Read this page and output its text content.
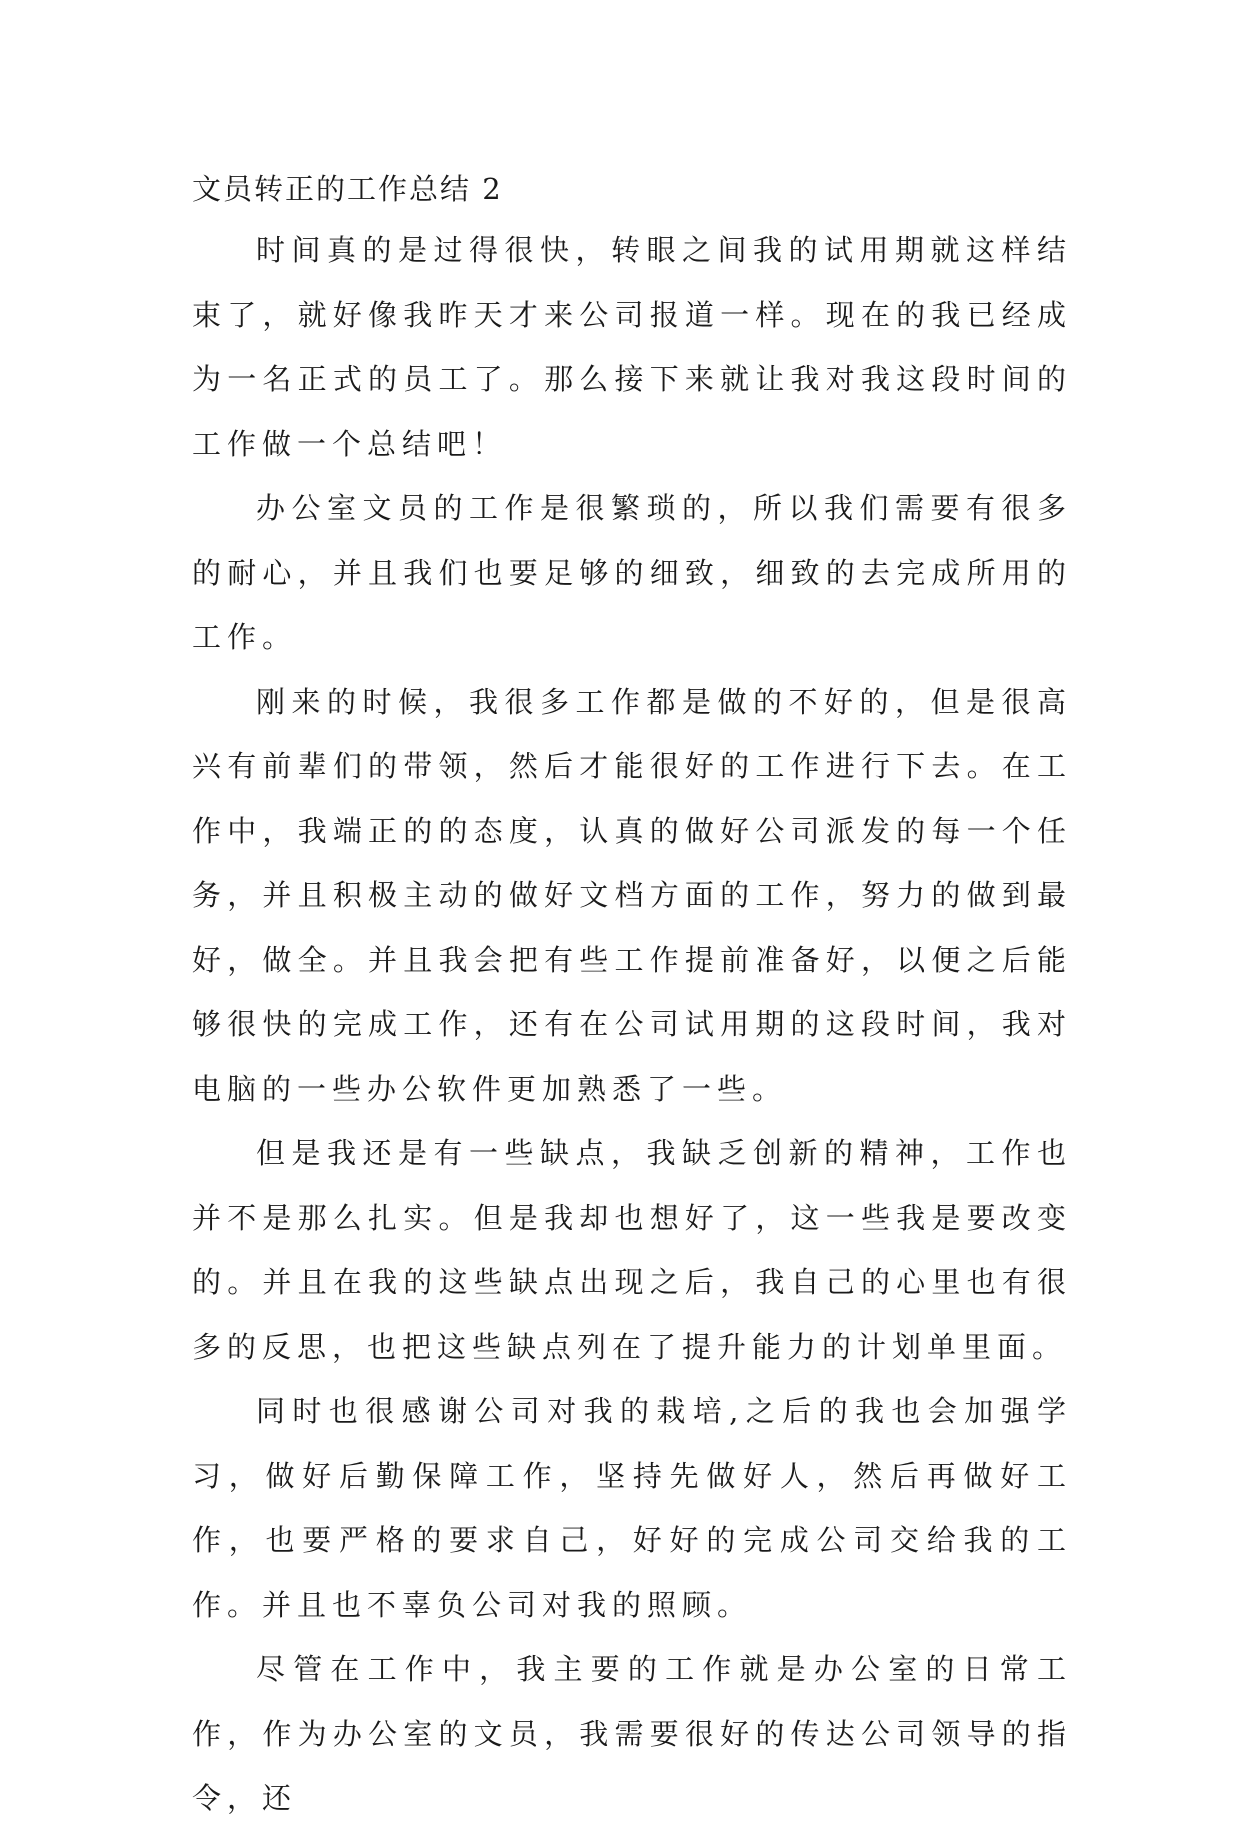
文员转正的工作总结 2

时间真的是过得很快，转眼之间我的试用期就这样结束了，就好像我昨天才来公司报道一样。现在的我已经成为一名正式的员工了。那么接下来就让我对我这段时间的工作做一个总结吧！

办公室文员的工作是很繁琐的，所以我们需要有很多的耐心，并且我们也要足够的细致，细致的去完成所用的工作。

刚来的时候，我很多工作都是做的不好的，但是很高兴有前辈们的带领，然后才能很好的工作进行下去。在工作中，我端正的的态度，认真的做好公司派发的每一个任务，并且积极主动的做好文档方面的工作，努力的做到最好，做全。并且我会把有些工作提前准备好，以便之后能够很快的完成工作，还有在公司试用期的这段时间，我对电脑的一些办公软件更加熟悉了一些。

但是我还是有一些缺点，我缺乏创新的精神，工作也并不是那么扎实。但是我却也想好了，这一些我是要改变的。并且在我的这些缺点出现之后，我自己的心里也有很多的反思，也把这些缺点列在了提升能力的计划单里面。

同时也很感谢公司对我的栽培,之后的我也会加强学习，做好后勤保障工作，坚持先做好人，然后再做好工作，也要严格的要求自己，好好的完成公司交给我的工作。并且也不辜负公司对我的照顾。

尽管在工作中，我主要的工作就是办公室的日常工作，作为办公室的文员，我需要很好的传达公司领导的指令，还
